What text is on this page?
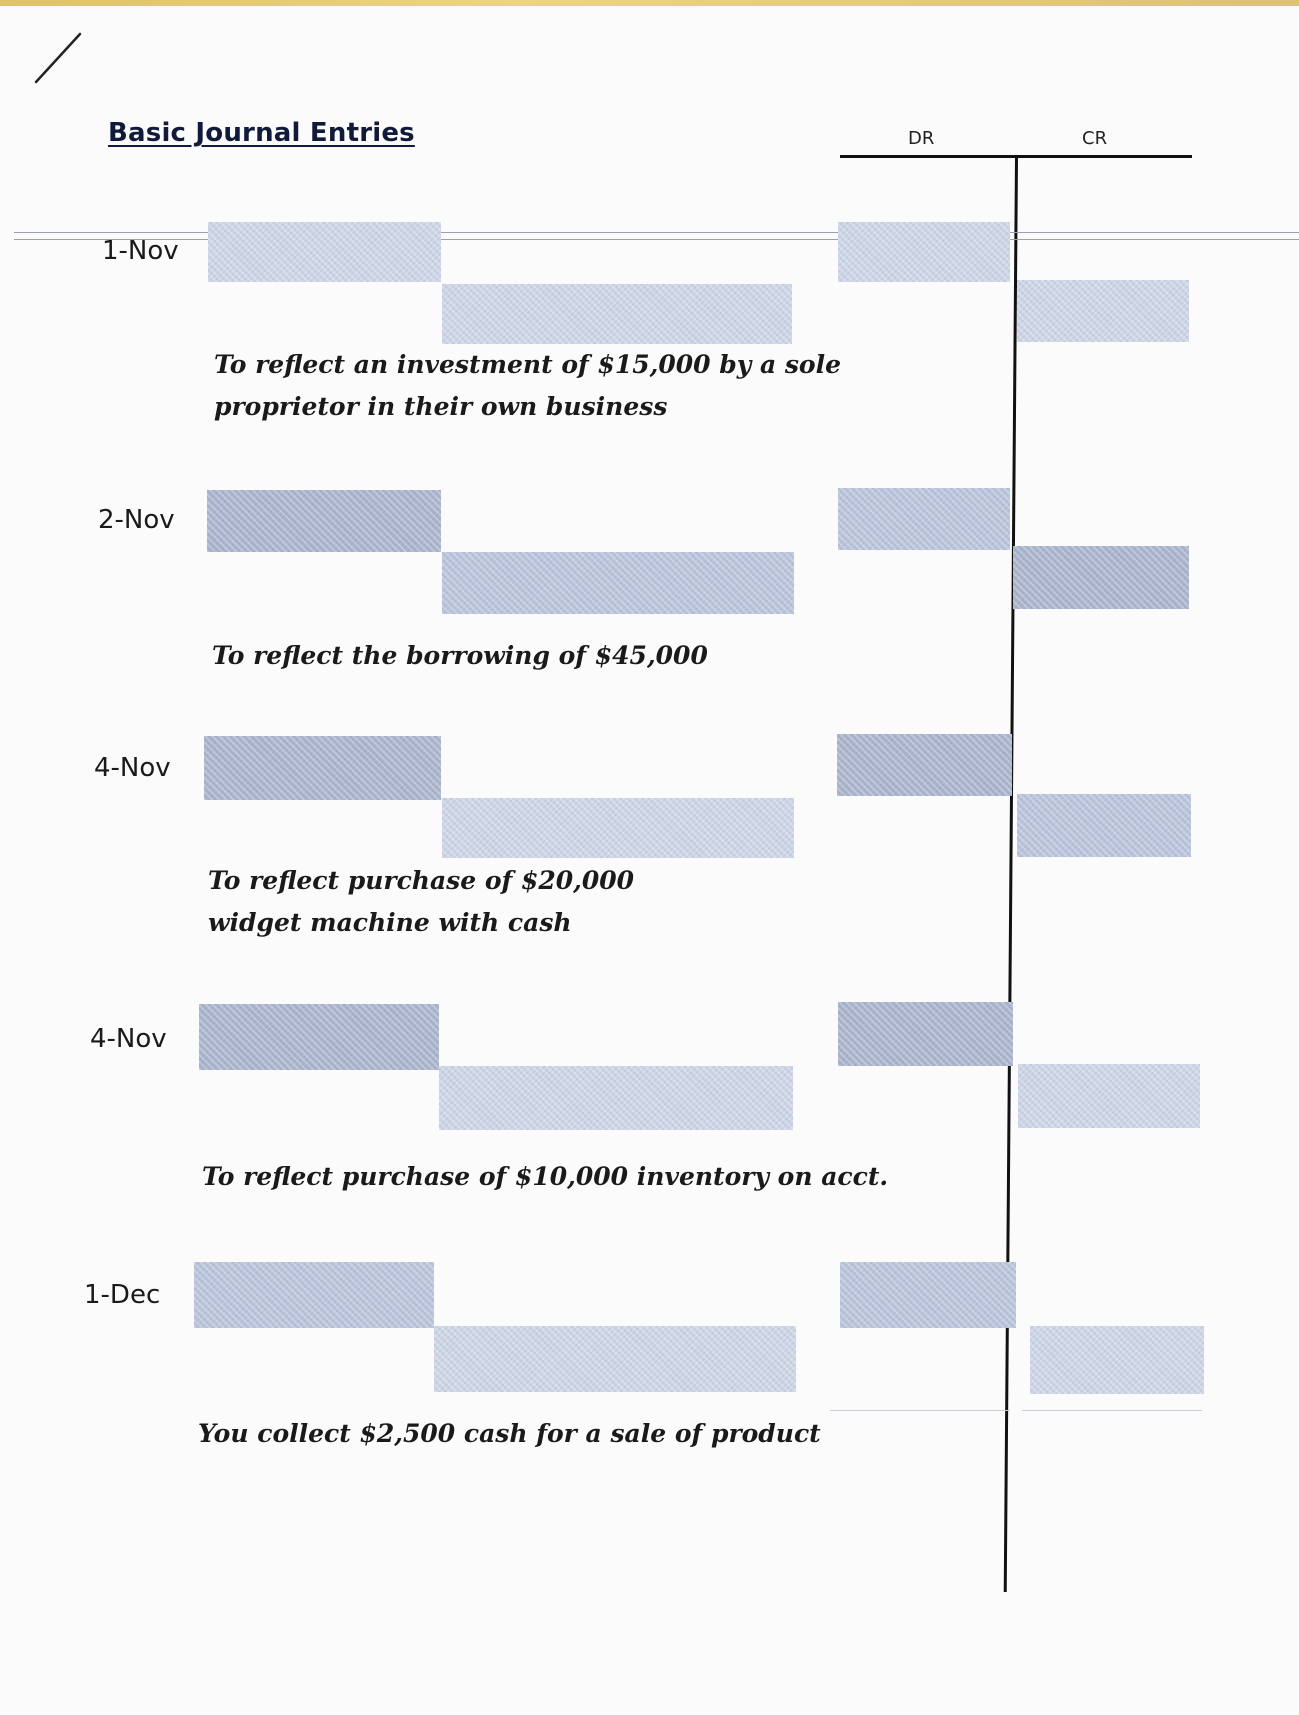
Basic Journal Entries	DR	CR
1-Nov
To reflect an investment of $15,000 by a sole
proprietor in their own business
2-Nov
To reflect the borrowing of $45,000
4-Nov
To reflect purchase of $20,000
widget machine with cash
4-Nov
To reflect purchase of $10,000 inventory on acct.
1-Dec
You collect $2,500 cash for a sale of product
